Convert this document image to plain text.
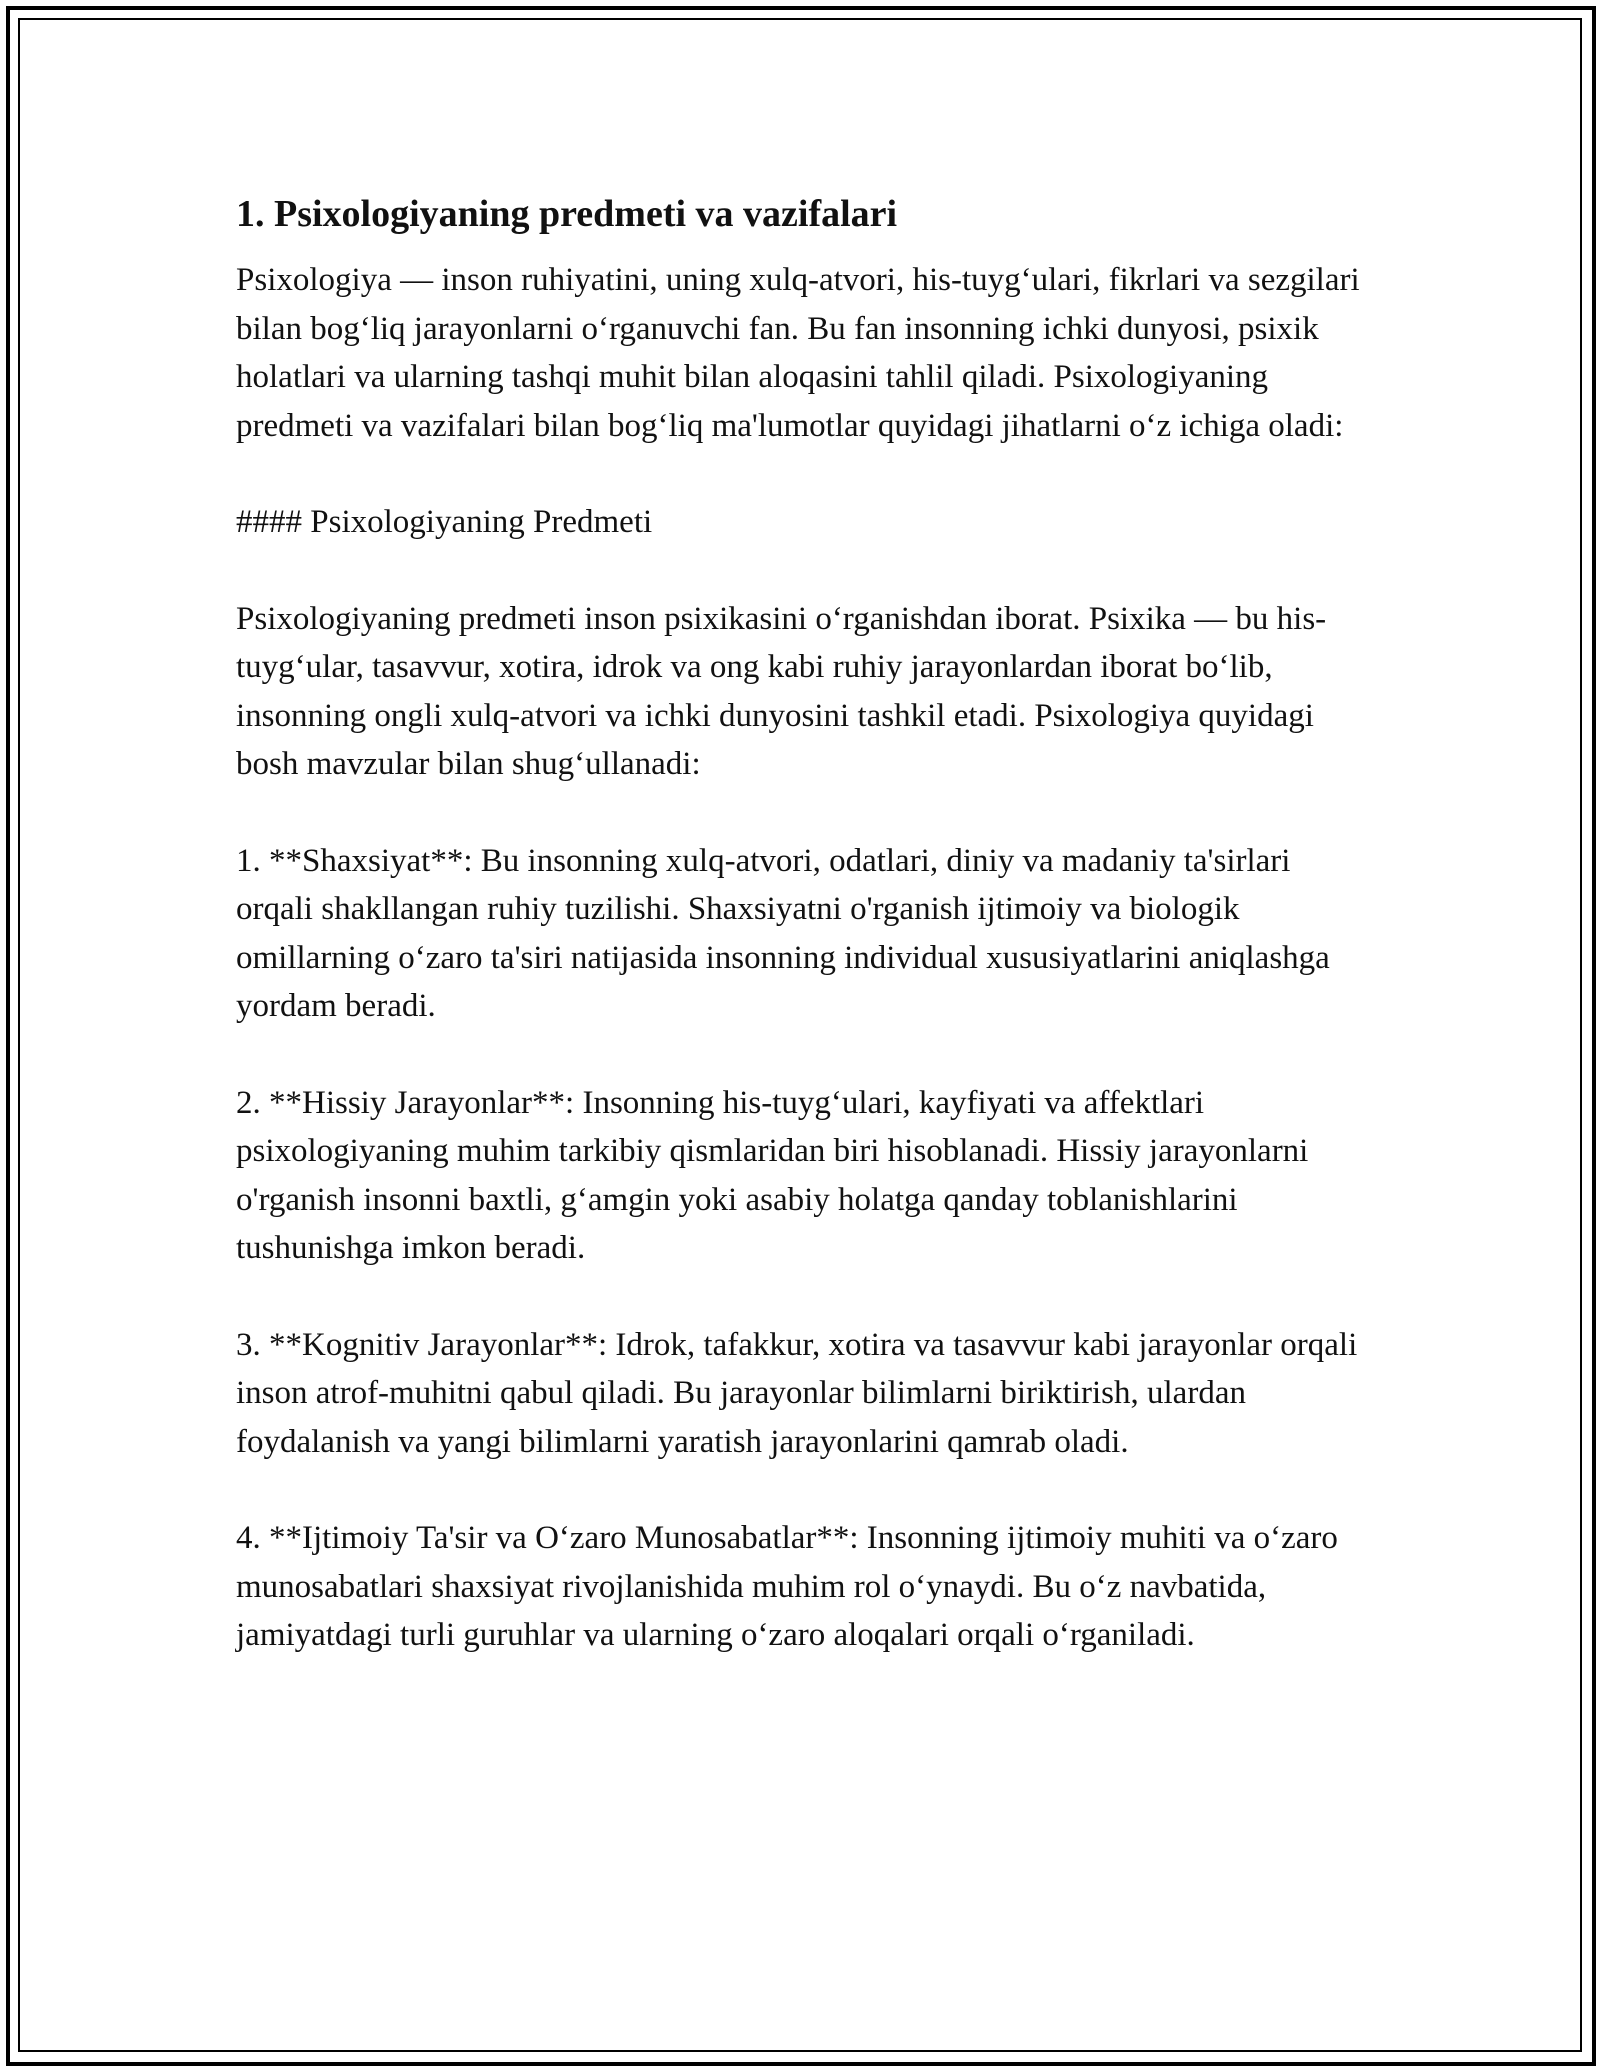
1. Psixologiyaning predmeti va vazifalari

Psixologiya — inson ruhiyatini, uning xulq-atvori, his-tuyg‘ulari, fikrlari va sezgilari bilan bog‘liq jarayonlarni o‘rganuvchi fan. Bu fan insonning ichki dunyosi, psixik holatlari va ularning tashqi muhit bilan aloqasini tahlil qiladi. Psixologiyaning predmeti va vazifalari bilan bog‘liq ma'lumotlar quyidagi jihatlarni o‘z ichiga oladi:

#### Psixologiyaning Predmeti

Psixologiyaning predmeti inson psixikasini o‘rganishdan iborat. Psixika — bu his-tuyg‘ular, tasavvur, xotira, idrok va ong kabi ruhiy jarayonlardan iborat bo‘lib, insonning ongli xulq-atvori va ichki dunyosini tashkil etadi. Psixologiya quyidagi bosh mavzular bilan shug‘ullanadi:

1. **Shaxsiyat**: Bu insonning xulq-atvori, odatlari, diniy va madaniy ta'sirlari orqali shakllangan ruhiy tuzilishi. Shaxsiyatni o'rganish ijtimoiy va biologik omillarning o‘zaro ta'siri natijasida insonning individual xususiyatlarini aniqlashga yordam beradi.

2. **Hissiy Jarayonlar**: Insonning his-tuyg‘ulari, kayfiyati va affektlari psixologiyaning muhim tarkibiy qismlaridan biri hisoblanadi. Hissiy jarayonlarni o'rganish insonni baxtli, g‘amgin yoki asabiy holatga qanday toblanishlarini tushunishga imkon beradi.

3. **Kognitiv Jarayonlar**: Idrok, tafakkur, xotira va tasavvur kabi jarayonlar orqali inson atrof-muhitni qabul qiladi. Bu jarayonlar bilimlarni biriktirish, ulardan foydalanish va yangi bilimlarni yaratish jarayonlarini qamrab oladi.

4. **Ijtimoiy Ta'sir va O‘zaro Munosabatlar**: Insonning ijtimoiy muhiti va o‘zaro munosabatlari shaxsiyat rivojlanishida muhim rol o‘ynaydi. Bu o‘z navbatida, jamiyatdagi turli guruhlar va ularning o‘zaro aloqalari orqali o‘rganiladi.
